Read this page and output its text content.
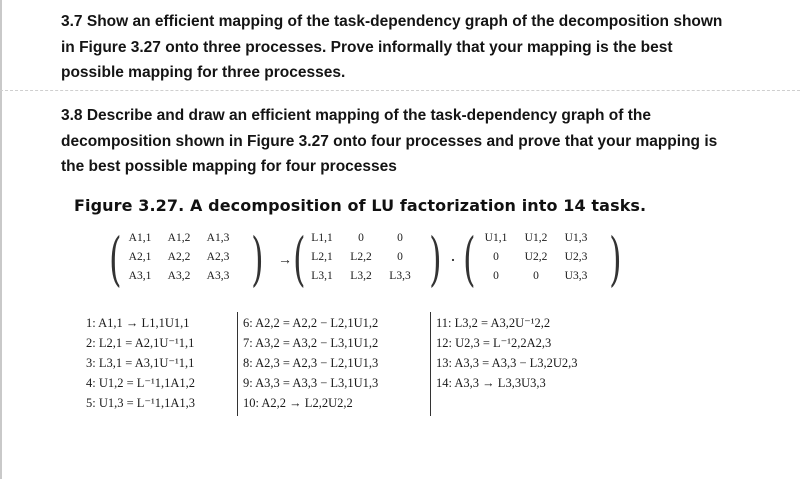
3.7 Show an efficient mapping of the task-dependency graph of the decomposition shown
in Figure 3.27 onto three processes. Prove informally that your mapping is the best
possible mapping for three processes.
3.8 Describe and draw an efficient mapping of the task-dependency graph of the
decomposition shown in Figure 3.27 onto four processes and prove that your mapping is
the best possible mapping for four processes
Figure 3.27. A decomposition of LU factorization into 14 tasks.
( A1,1	A1,2	A1,3
A2,1	A2,2	A2,3
A3,1	A3,2	A3,3 ) → ( L1,1	0	0
L2,1	L2,2	0
L3,1	L3,2	L3,3 ) · ( U1,1	U1,2	U1,3
0	U2,2	U2,3
0	0	U3,3 )
1: A1,1 → L1,1U1,1
2: L2,1 = A2,1U⁻¹1,1
3: L3,1 = A3,1U⁻¹1,1
4: U1,2 = L⁻¹1,1A1,2
5: U1,3 = L⁻¹1,1A1,3
6: A2,2 = A2,2 − L2,1U1,2
7: A3,2 = A3,2 − L3,1U1,2
8: A2,3 = A2,3 − L2,1U1,3
9: A3,3 = A3,3 − L3,1U1,3
10: A2,2 → L2,2U2,2
11: L3,2 = A3,2U⁻¹2,2
12: U2,3 = L⁻¹2,2A2,3
13: A3,3 = A3,3 − L3,2U2,3
14: A3,3 → L3,3U3,3
